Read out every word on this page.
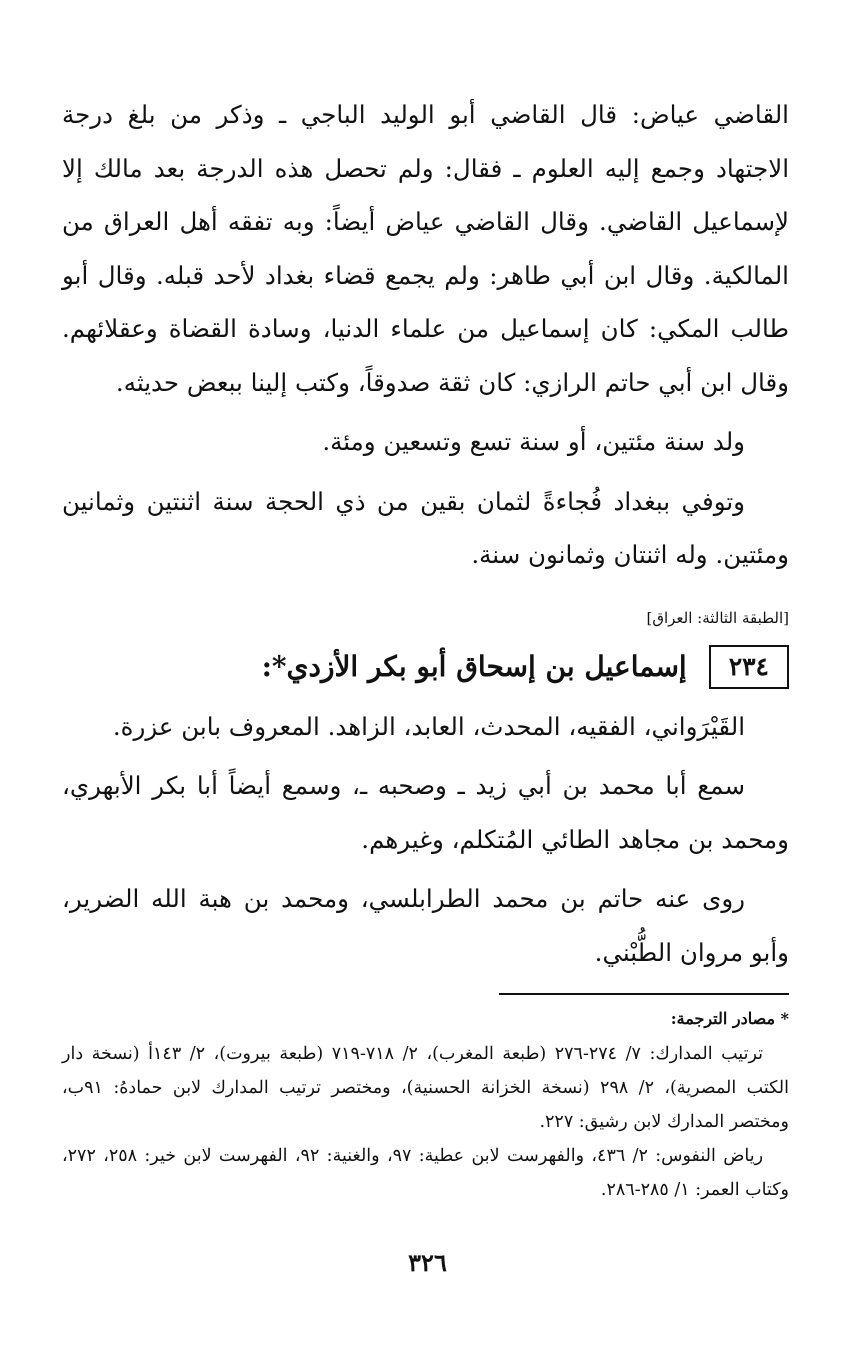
القاضي عياض: قال القاضي أبو الوليد الباجي ـ وذكر من بلغ درجة الاجتهاد وجمع إليه العلوم ـ فقال: ولم تحصل هذه الدرجة بعد مالك إلا لإسماعيل القاضي. وقال القاضي عياض أيضاً: وبه تفقه أهل العراق من المالكية. وقال ابن أبي طاهر: ولم يجمع قضاء بغداد لأحد قبله. وقال أبو طالب المكي: كان إسماعيل من علماء الدنيا، وسادة القضاة وعقلائهم. وقال ابن أبي حاتم الرازي: كان ثقة صدوقاً، وكتب إلينا ببعض حديثه.

ولد سنة مئتين، أو سنة تسع وتسعين ومئة.

وتوفي ببغداد فُجاءةً لثمان بقين من ذي الحجة سنة اثنتين وثمانين ومئتين. وله اثنتان وثمانون سنة.

[الطبقة الثالثة: العراق]
٢٣٤
إسماعيل بن إسحاق أبو بكر الأزدي*:

القَيْرَواني، الفقيه، المحدث، العابد، الزاهد. المعروف بابن عزرة.

سمع أبا محمد بن أبي زيد ـ وصحبه ـ، وسمع أيضاً أبا بكر الأبهري، ومحمد بن مجاهد الطائي المُتكلم، وغيرهم.

روى عنه حاتم بن محمد الطرابلسي، ومحمد بن هبة الله الضرير، وأبو مروان الطُّبْني.

* مصادر الترجمة:

ترتيب المدارك: ٧/ ٢٧٤-٢٧٦ (طبعة المغرب)، ٢/ ٧١٨-٧١٩ (طبعة بيروت)، ٢/ ١٤٣أ (نسخة دار الكتب المصرية)، ٢/ ٢٩٨ (نسخة الخزانة الحسنية)، ومختصر ترتيب المدارك لابن حمادهُ: ٩١ب، ومختصر المدارك لابن رشيق: ٢٢٧.

رياض النفوس: ٢/ ٤٣٦، والفهرست لابن عطية: ٩٧، والغنية: ٩٢، الفهرست لابن خير: ٢٥٨، ٢٧٢، وكتاب العمر: ١/ ٢٨٥-٢٨٦.

٣٢٦
